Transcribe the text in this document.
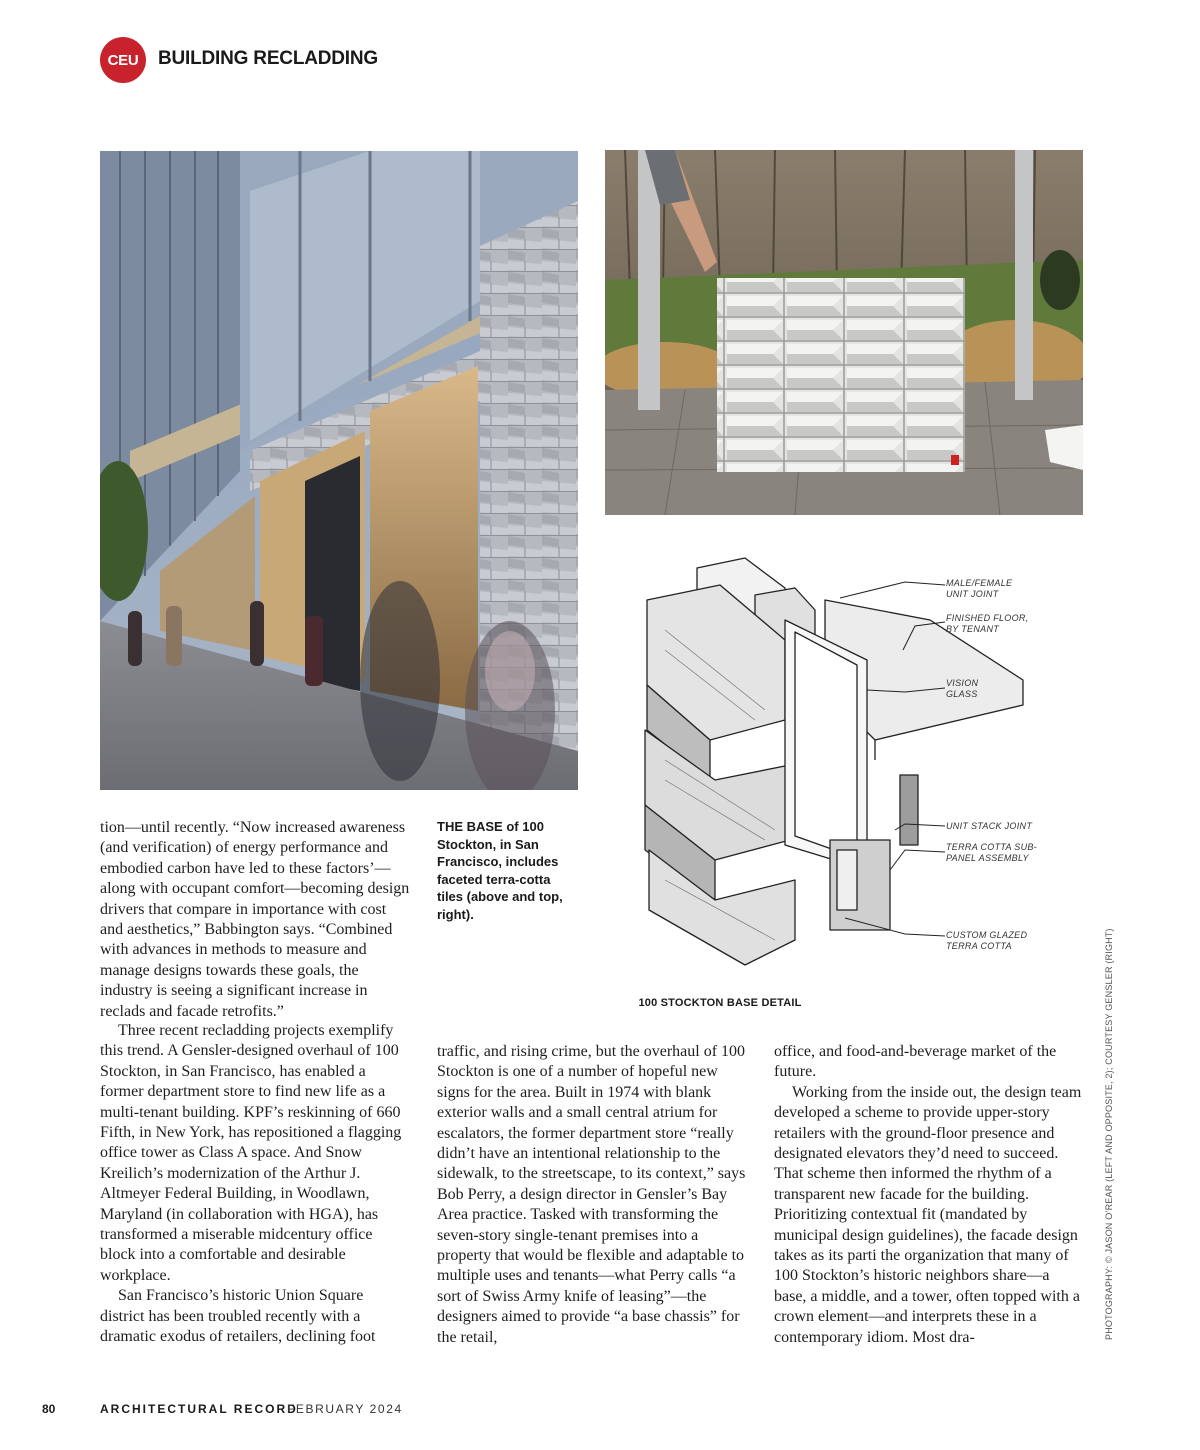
CEU	BUILDING RECLADDING
MALE/FEMALE
UNIT JOINT
FINISHED FLOOR,
BY TENANT
VISION
GLASS
UNIT STACK JOINT
TERRA COTTA SUB-
PANEL ASSEMBLY
CUSTOM GLAZED
TERRA COTTA
100 STOCKTON BASE DETAIL
THE BASE of 100 Stockton, in San Francisco, includes faceted terra-cotta tiles (above and top, right).

tion—until recently. “Now increased awareness (and verification) of energy performance and embodied carbon have led to these factors’—along with occupant comfort—becoming design drivers that compare in importance with cost and aesthetics,” Babbington says. “Combined with advances in methods to measure and manage designs towards these goals, the industry is seeing a significant increase in reclads and facade retrofits.”

Three recent recladding projects exemplify this trend. A Gensler-designed overhaul of 100 Stockton, in San Francisco, has enabled a former department store to find new life as a multi-tenant building. KPF’s reskinning of 660 Fifth, in New York, has repositioned a flagging office tower as Class A space. And Snow Kreilich’s modernization of the Arthur J. Altmeyer Federal Building, in Woodlawn, Maryland (in collaboration with HGA), has transformed a miserable midcentury office block into a comfortable and desirable workplace.

San Francisco’s historic Union Square district has been troubled recently with a dramatic exodus of retailers, declining foot

traffic, and rising crime, but the overhaul of 100 Stockton is one of a number of hopeful new signs for the area. Built in 1974 with blank exterior walls and a small central atrium for escalators, the former department store “really didn’t have an intentional relationship to the sidewalk, to the streetscape, to its context,” says Bob Perry, a design director in Gensler’s Bay Area practice. Tasked with transforming the seven-story single-tenant premises into a property that would be flexible and adaptable to multiple uses and tenants—what Perry calls “a sort of Swiss Army knife of leasing”—the designers aimed to provide “a base chassis” for the retail,

office, and food-and-beverage market of the future.

Working from the inside out, the design team developed a scheme to provide upper-story retailers with the ground-floor presence and designated elevators they’d need to succeed. That scheme then informed the rhythm of a transparent new facade for the building. Prioritizing contextual fit (mandated by municipal design guidelines), the facade design takes as its parti the organization that many of 100 Stockton’s historic neighbors share—a base, a middle, and a tower, often topped with a crown element—and interprets these in a contemporary idiom. Most dra-	PHOTOGRAPHY: © JASON O’REAR (LEFT AND OPPOSITE, 2); COURTESY GENSLER (RIGHT)
80	ARCHITECTURAL RECORD
FEBRUARY 2024
